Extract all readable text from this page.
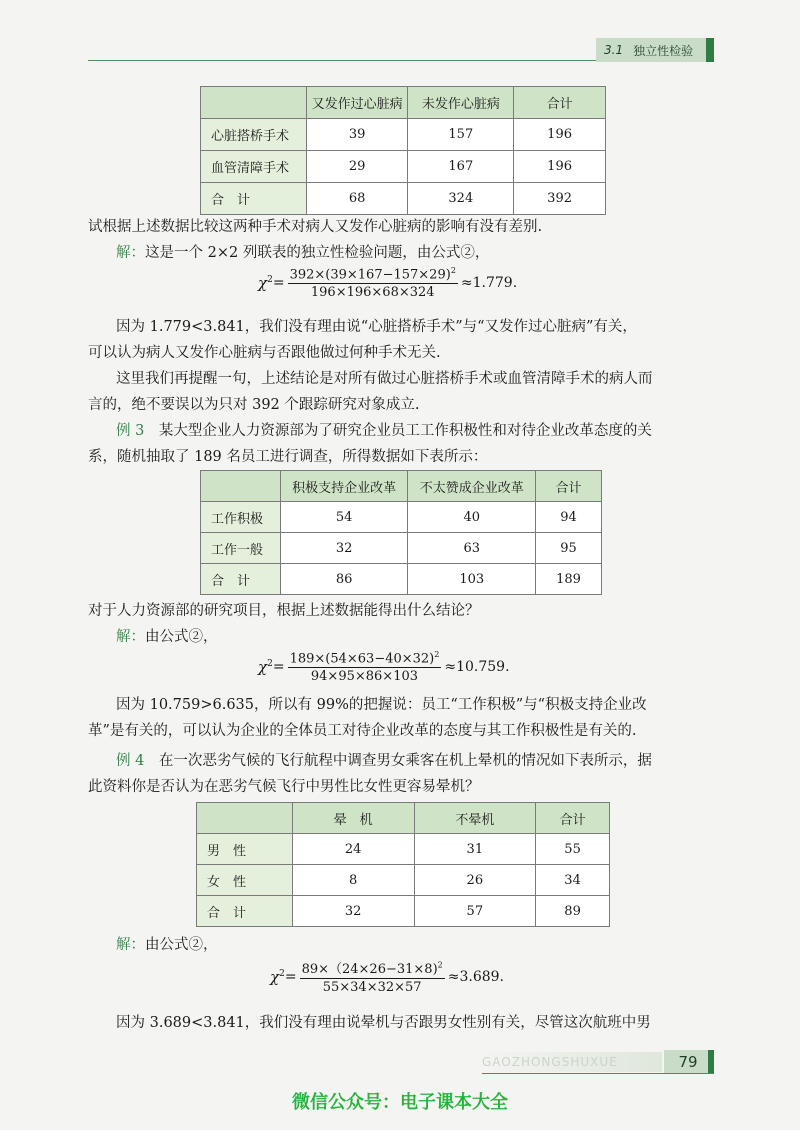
3.1 独立性检验
	又发作过心脏病	未发作心脏病	合计
心脏搭桥手术	39	157	196
血管清障手术	29	167	196
合　计	68	324	392
试根据上述数据比较这两种手术对病人又发作心脏病的影响有没有差别.
解：这是一个 2×2 列联表的独立性检验问题，由公式②，
$\chi^2 = \frac{392\times(39\times 167-157\times 29)^2}{196\times 196\times 68\times 324} \approx 1.779$.
因为 1.779<3.841，我们没有理由说“心脏搭桥手术”与“又发作过心脏病”有关，
可以认为病人又发作心脏病与否跟他做过何种手术无关.
这里我们再提醒一句，上述结论是对所有做过心脏搭桥手术或血管清障手术的病人而
言的，绝不要误以为只对 392 个跟踪研究对象成立.
例 3　 某大型企业人力资源部为了研究企业员工工作积极性和对待企业改革态度的关
系，随机抽取了 189 名员工进行调查，所得数据如下表所示：
	积极支持企业改革	不太赞成企业改革	合计
工作积极	54	40	94
工作一般	32	63	95
合　计	86	103	189
对于人力资源部的研究项目，根据上述数据能得出什么结论？
解：由公式②，
$\chi^2 = \frac{189\times(54\times 63-40\times 32)^2}{94\times 95\times 86\times 103} \approx 10.759$.
因为 10.759>6.635，所以有 99%的把握说：员工“工作积极”与“积极支持企业改
革”是有关的，可以认为企业的全体员工对待企业改革的态度与其工作积极性是有关的.
例 4　 在一次恶劣气候的飞行航程中调查男女乘客在机上晕机的情况如下表所示，据
此资料你是否认为在恶劣气候飞行中男性比女性更容易晕机？
	晕　机	不晕机	合计
男　性	24	31	55
女　性	8	26	34
合　计	32	57	89
解：由公式②，
$\chi^2 = \frac{89\times(24\times 26-31\times 8)^2}{55\times 34\times 32\times 57} \approx 3.689$.
因为 3.689<3.841，我们没有理由说晕机与否跟男女性别有关，尽管这次航班中男
GAOZHONGSHUXUE	79
微信公众号：电子课本大全
